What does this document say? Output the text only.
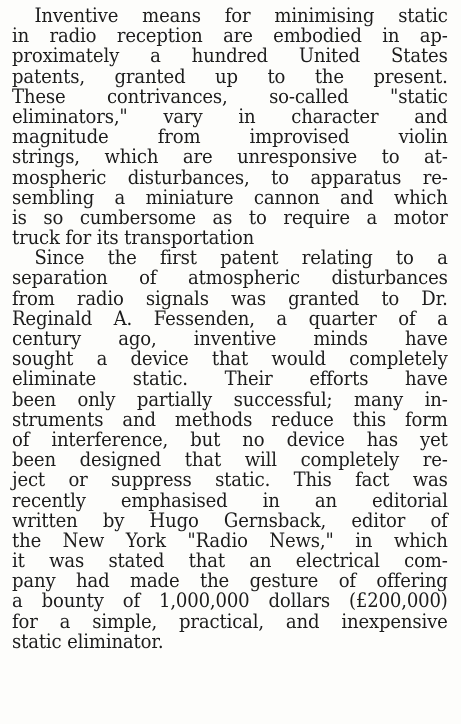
Inventive means for minimising static
in radio reception are embodied in ap-
proximately a hundred United States
patents, granted up to the present.
These contrivances, so-called "static
eliminators," vary in character and
magnitude from improvised violin
strings, which are unresponsive to at-
mospheric disturbances, to apparatus re-
sembling a miniature cannon and which
is so cumbersome as to require a motor
truck for its transportation
Since the first patent relating to a
separation of atmospheric disturbances
from radio signals was granted to Dr.
Reginald A. Fessenden, a quarter of a
century ago, inventive minds have
sought a device that would completely
eliminate static. Their efforts have
been only partially successful; many in-
struments and methods reduce this form
of interference, but no device has yet
been designed that will completely re-
ject or suppress static. This fact was
recently emphasised in an editorial
written by Hugo Gernsback, editor of
the New York "Radio News," in which
it was stated that an electrical com-
pany had made the gesture of offering
a bounty of 1,000,000 dollars (£200,000)
for a simple, practical, and inexpensive
static eliminator.
